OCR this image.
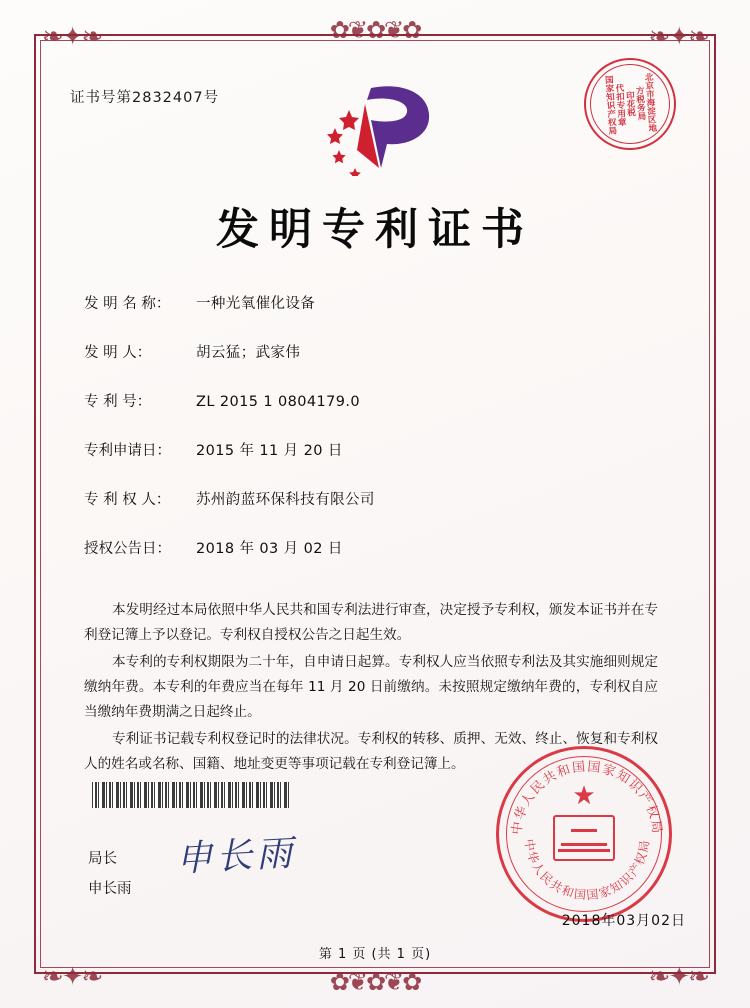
❧✦❧	❧✦❧
❧✦❧	❧✦❧
✿❦✿❦✿
✿❦✿❦✿
证书号第2832407号	北京市海淀区地方税务局
印花税
代扣专用章
国家知识产权局
发明专利证书
发 明 名 称：	一种光氧催化设备
发 明 人：	胡云猛；武家伟
专 利 号：	ZL 2015 1 0804179.0
专利申请日：	2015 年 11 月 20 日
专 利 权 人：	苏州韵蓝环保科技有限公司
授权公告日：	2018 年 03 月 02 日

本发明经过本局依照中华人民共和国专利法进行审查，决定授予专利权，颁发本证书并在专利登记簿上予以登记。专利权自授权公告之日起生效。

本专利的专利权期限为二十年，自申请日起算。专利权人应当依照专利法及其实施细则规定缴纳年费。本专利的年费应当在每年 11 月 20 日前缴纳。未按照规定缴纳年费的，专利权自应当缴纳年费期满之日起终止。

专利证书记载专利权登记时的法律状况。专利权的转移、质押、无效、终止、恢复和专利权人的姓名或名称、国籍、地址变更等事项记载在专利登记簿上。

局长
申长雨
申长雨
★
中华人民共和国国家知识产权局
中华人民共和国国家知识产权局
2018年03月02日
第 1 页 (共 1 页)
